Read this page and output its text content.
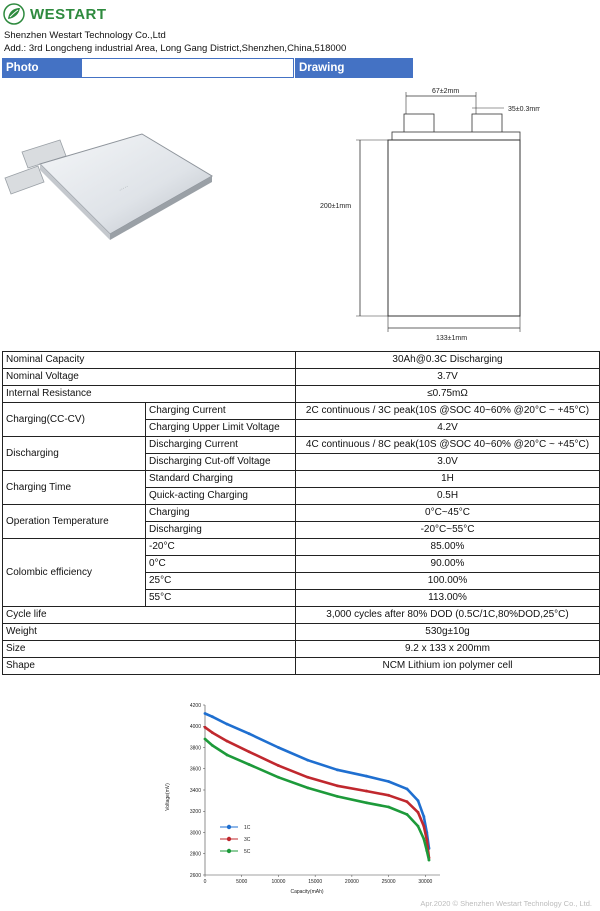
WESTART
Shenzhen Westart Technology Co.,Ltd
Add.: 3rd Longcheng industrial Area, Long Gang District,Shenzhen,China,518000
Photo	Drawing
·····
67±2mm
35±0.3mm
200±1mm
133±1mm
Nominal Capacity		30Ah@0.3C Discharging
Nominal Voltage		3.7V
Internal Resistance		≤0.75mΩ
Charging(CC-CV)	Charging Current	2C continuous / 3C peak(10S @SOC 40~60% @20°C ~ +45°C)
	Charging Upper Limit Voltage	4.2V
Discharging	Discharging Current	4C continuous / 8C peak(10S @SOC 40~60% @20°C ~ +45°C)
	Discharging Cut-off Voltage	3.0V
Charging Time	Standard Charging	1H
	Quick-acting Charging	0.5H
Operation Temperature	Charging	0°C~45°C
	Discharging	-20°C~55°C
Colombic efficiency	-20°C	85.00%
	0°C	90.00%
	25°C	100.00%
	55°C	113.00%
Cycle life		3,000 cycles after 80% DOD (0.5C/1C,80%DOD,25°C)
Weight		530g±10g
Size		9.2 x 133 x 200mm
Shape		NCM Lithium ion polymer cell
2600
2800
3000
3200
3400
3600
3800
4000
4200
0	5000	10000	15000	20000	25000	30000
1C
3C
5C
Capacity(mAh)
Voltage(mV)
Apr.2020 © Shenzhen Westart Technology Co., Ltd.
